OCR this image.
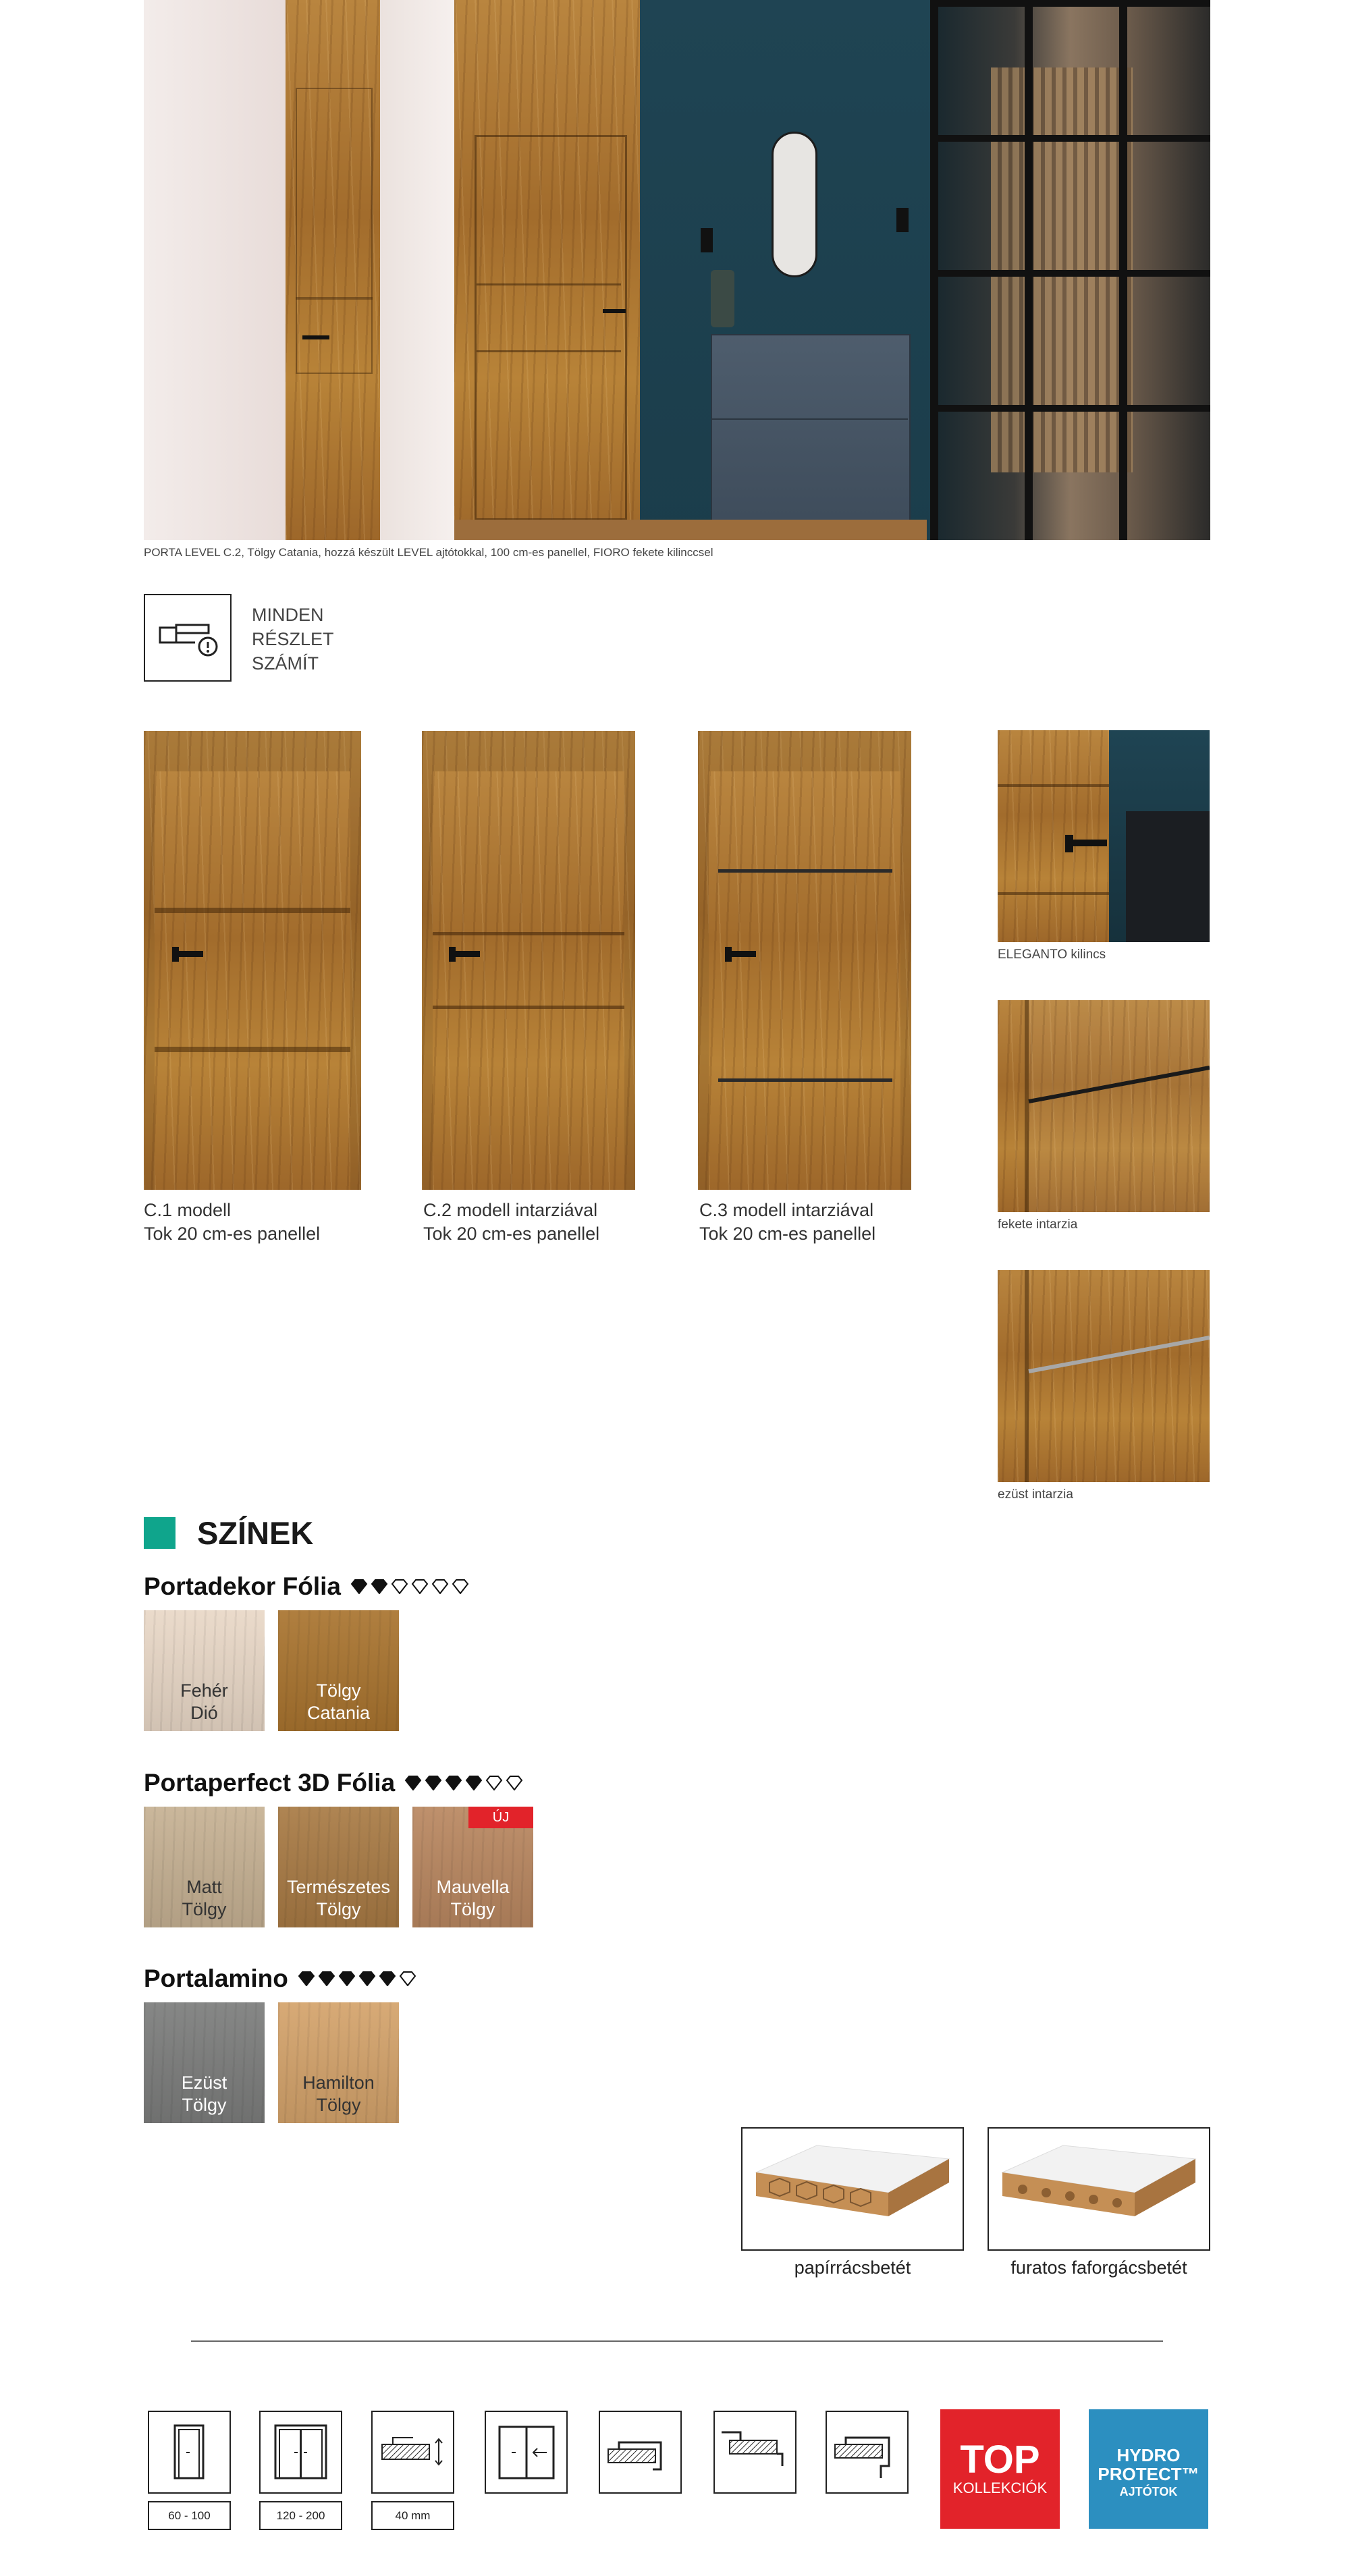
PORTA LEVEL C.2, Tölgy Catania, hozzá készült LEVEL ajtótokkal, 100 cm-es panellel, FIORO fekete kilinccsel
MINDEN
RÉSZLET
SZÁMÍT
C.1 modell
Tok 20 cm-es panellel
C.2 modell intarziával
Tok 20 cm-es panellel
C.3 modell intarziával
Tok 20 cm-es panellel
ELEGANTO kilincs
fekete intarzia
ezüst intarzia
SZÍNEK
Portadekor Fólia
Fehér
Dió
Tölgy
Catania
Portaperfect 3D Fólia
Matt
Tölgy
Természetes
Tölgy
ÚJ
Mauvella
Tölgy
Portalamino
Ezüst
Tölgy
Hamilton
Tölgy
papírrácsbetét	furatos faforgácsbetét
60 - 100	120 - 200	40 mm
TOP
KOLLEKCIÓK
HYDRO
PROTECT™
AJTÓTOK
